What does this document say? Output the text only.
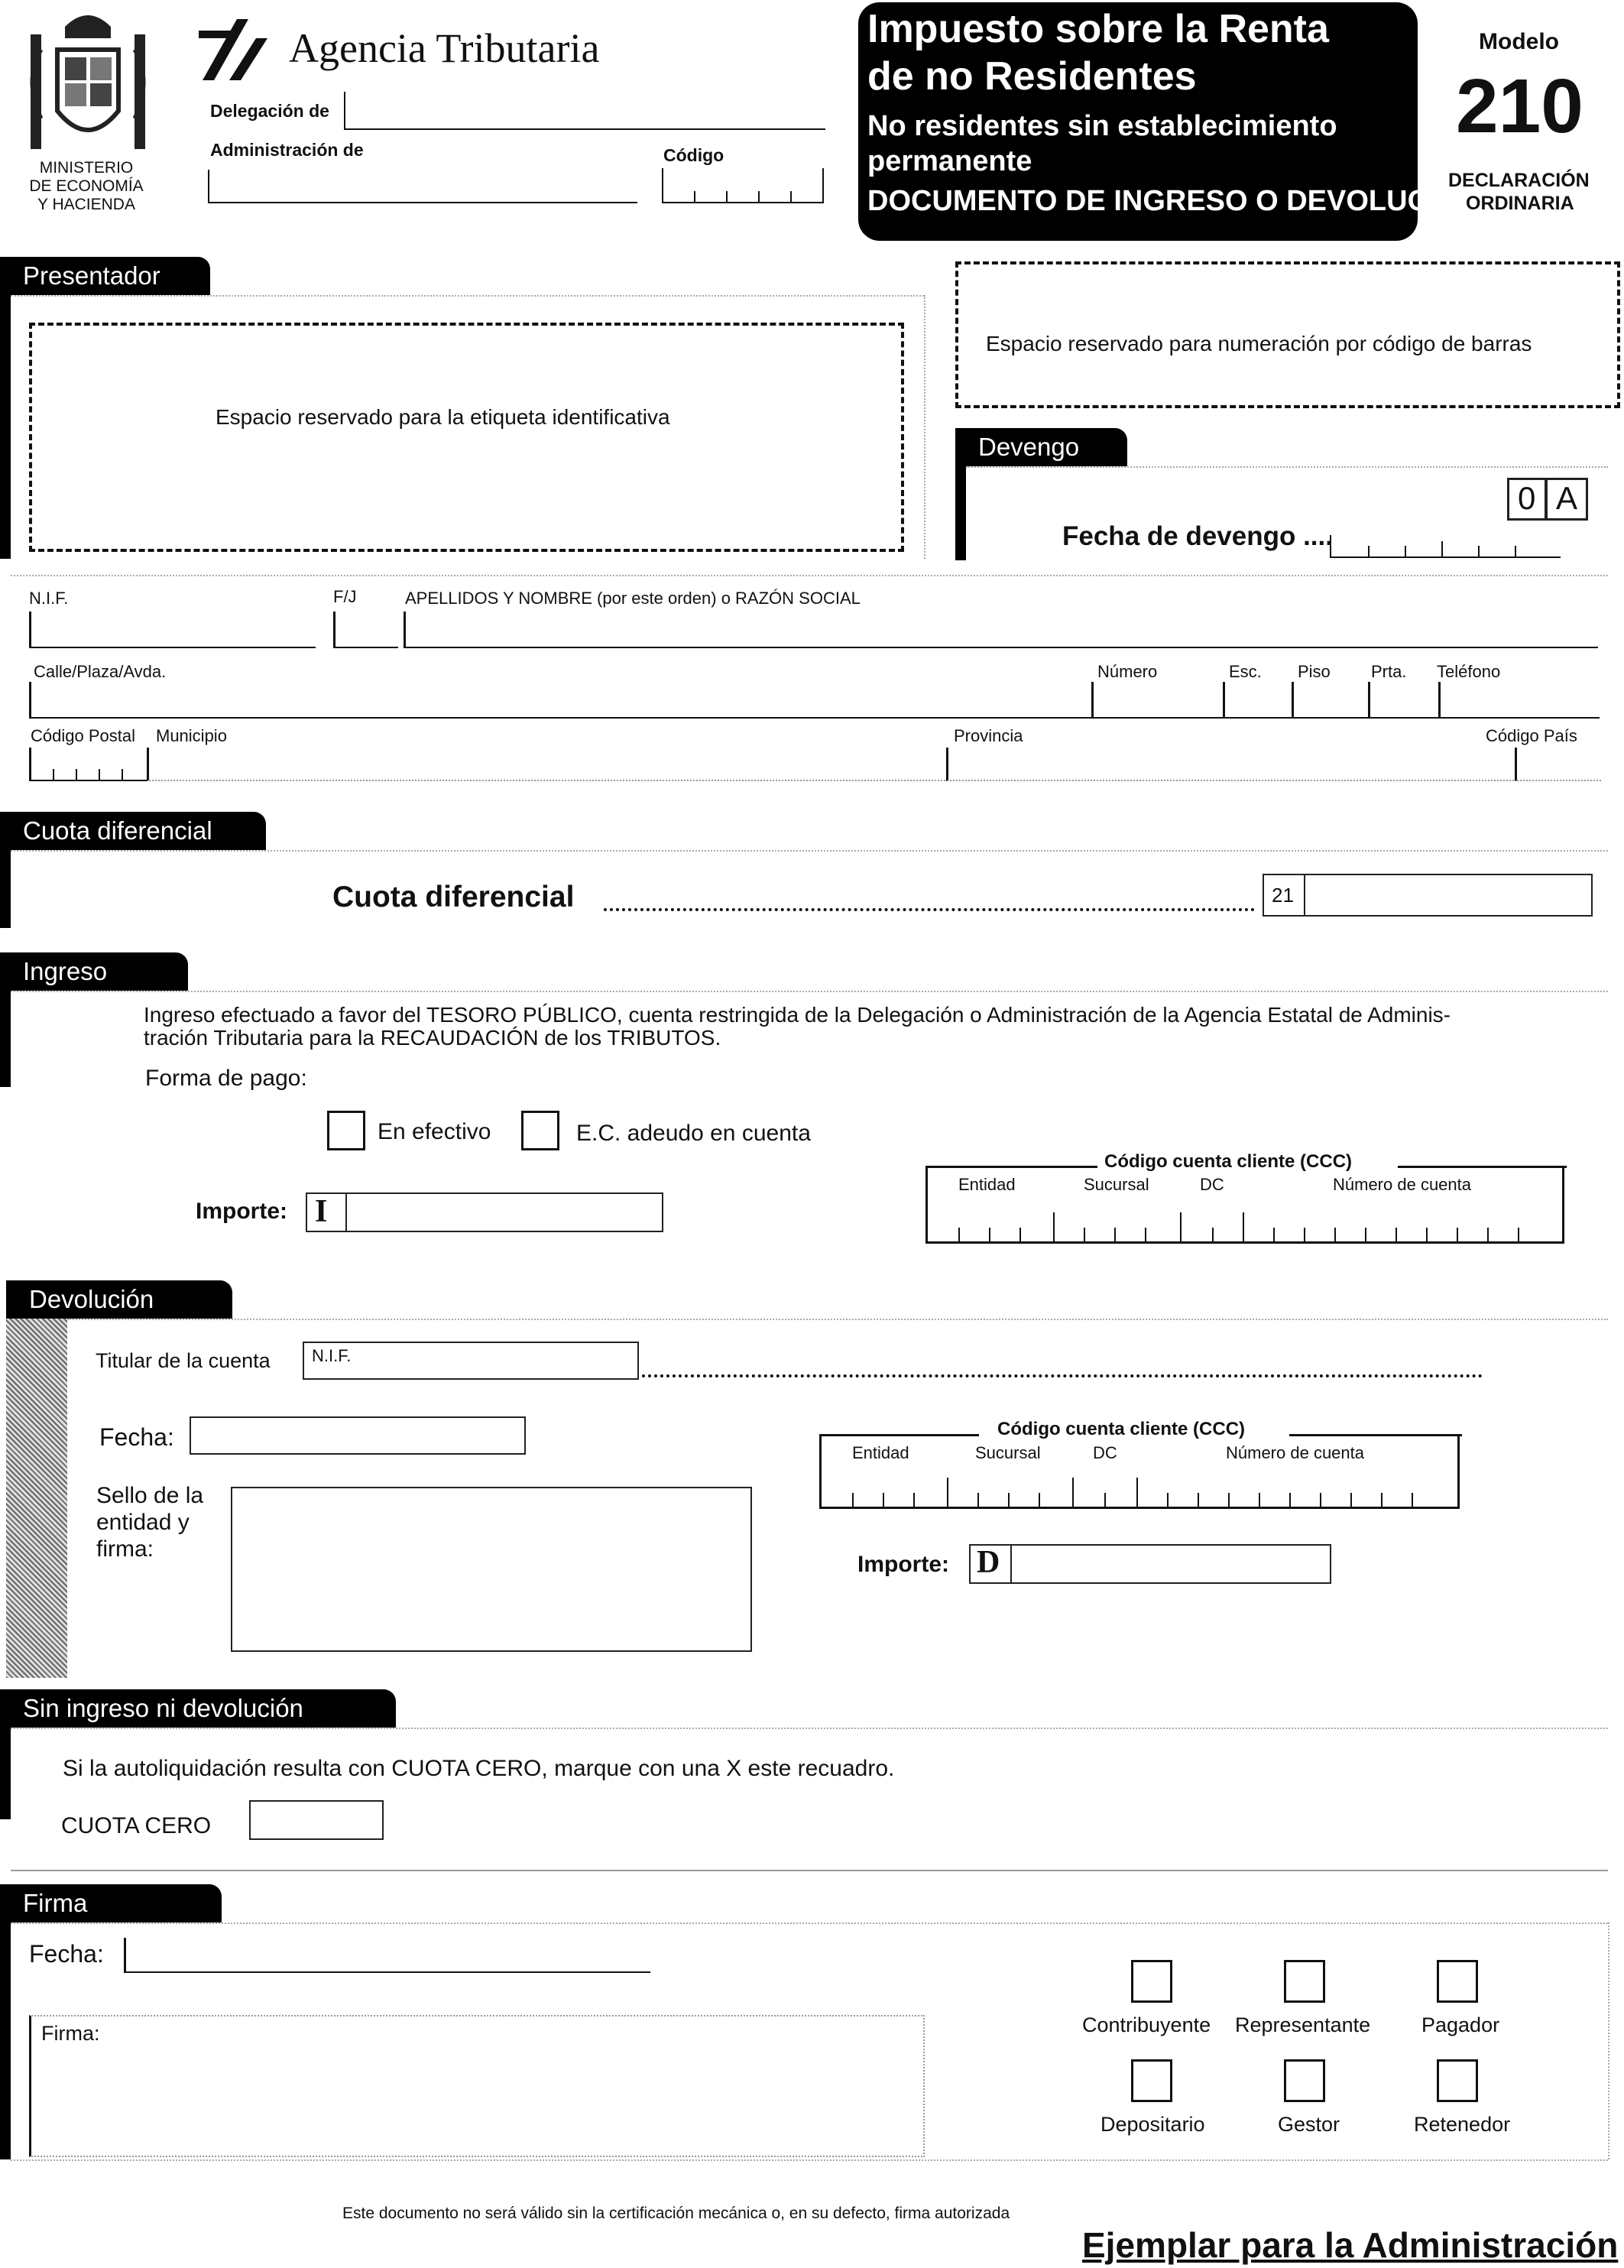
MINISTERIO
DE ECONOMÍA
Y HACIENDA
Agencia Tributaria
Delegación de
Administración de	Código
Impuesto sobre la Renta
de no Residentes
No residentes sin establecimiento
permanente
DOCUMENTO DE INGRESO O DEVOLUCIÓN
Modelo
210
DECLARACIÓN
ORDINARIA
Presentador
Espacio reservado para la etiqueta identificativa
Espacio reservado para numeración por código de barras
Devengo
0 A
Fecha de devengo ....
N.I.F.	F/J	APELLIDOS Y NOMBRE (por este orden) o RAZÓN SOCIAL
Calle/Plaza/Avda.	Número	Esc. Piso Prta. Teléfono
Código Postal Municipio	Provincia	Código País
Cuota diferencial
Cuota diferencial	21
Ingreso
Ingreso efectuado a favor del TESORO PÚBLICO, cuenta restringida de la Delegación o Administración de la Agencia Estatal de Adminis-
tración Tributaria para la RECAUDACIÓN de los TRIBUTOS.
Forma de pago:
En efectivo	E.C. adeudo en cuenta
Importe: I
Código cuenta cliente (CCC)
Entidad	Sucursal	DC	Número de cuenta
Devolución
Titular de la cuenta N.I.F.
Fecha:
Sello de la
entidad y
firma:
Código cuenta cliente (CCC)
Entidad	Sucursal	DC	Número de cuenta
Importe: D
Sin ingreso ni devolución
Si la autoliquidación resulta con CUOTA CERO, marque con una X este recuadro.
CUOTA CERO
Firma
Fecha:
Firma:	Contribuyente Representante Pagador
Depositario	Gestor	Retenedor
Este documento no será válido sin la certificación mecánica o, en su defecto, firma autorizada
Ejemplar para la Administración
